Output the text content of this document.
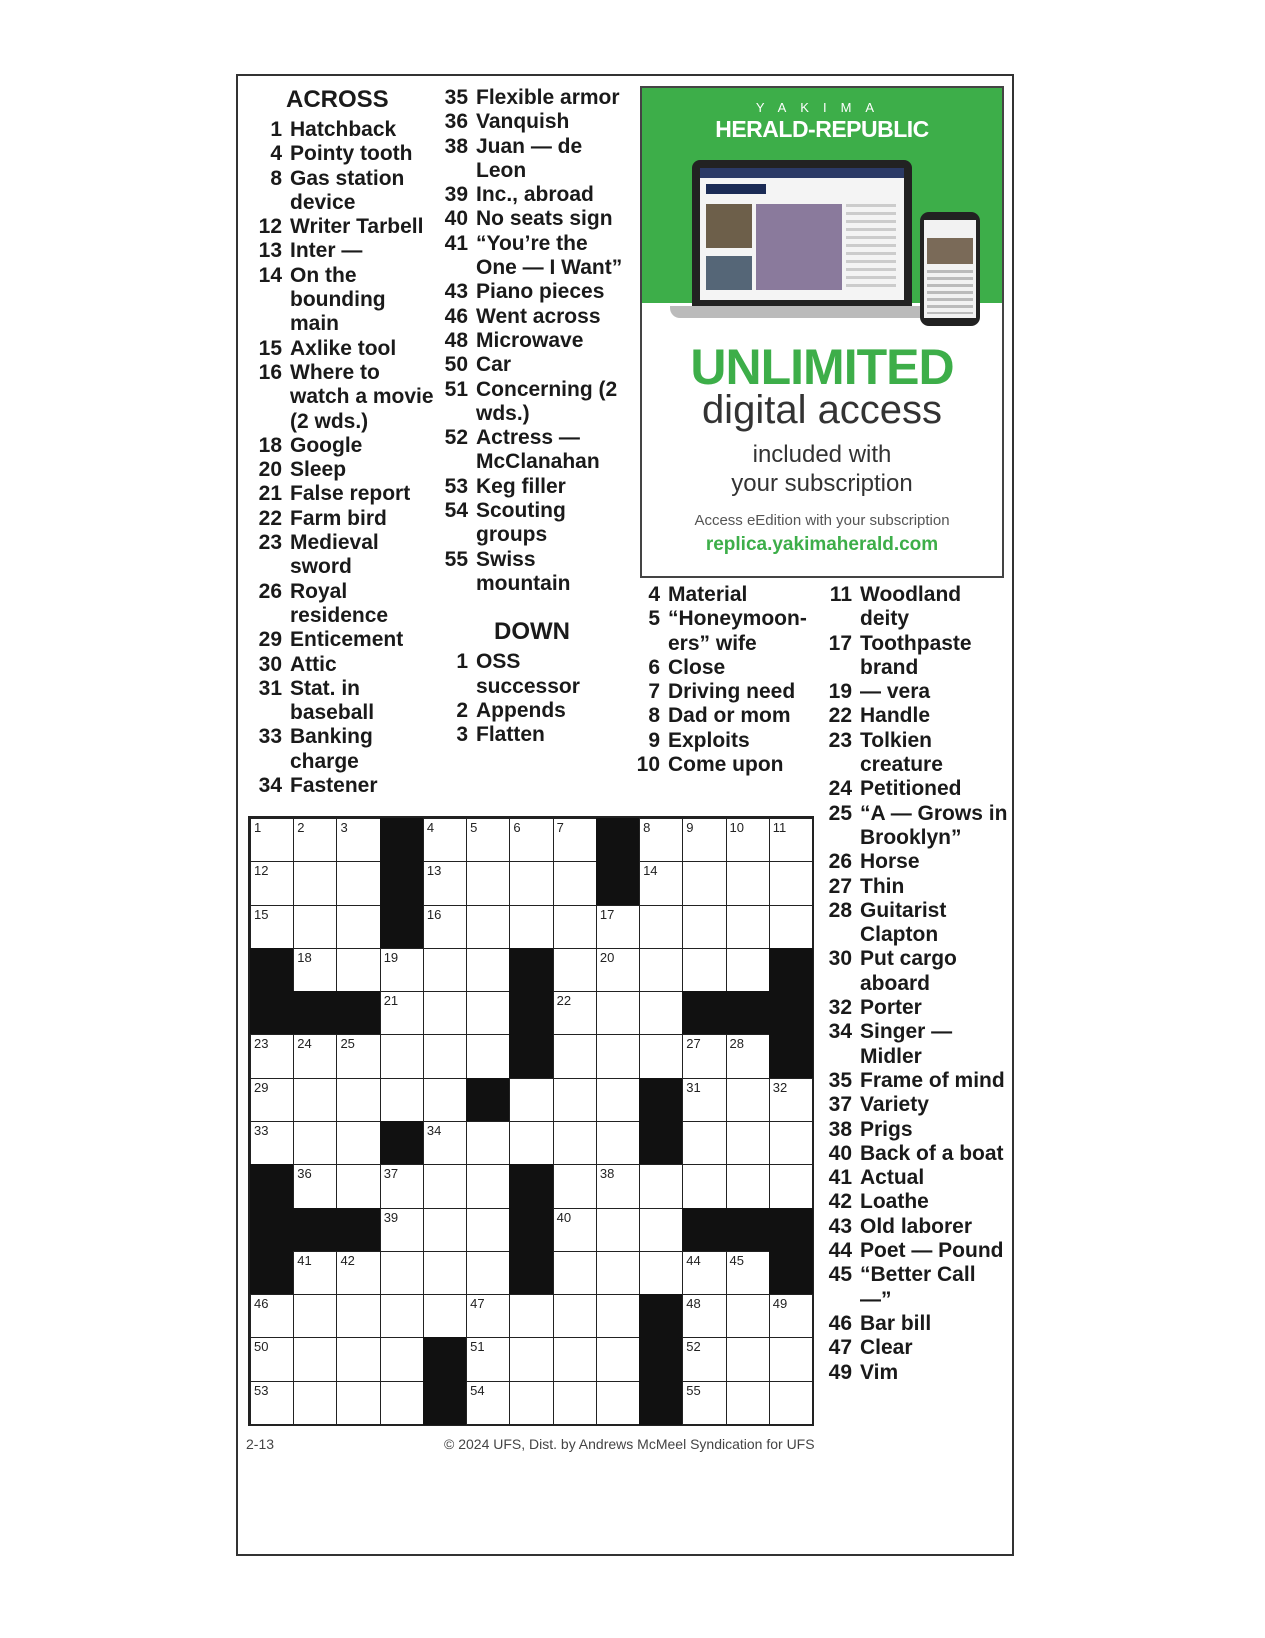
ACROSS
1 Hatchback
4 Pointy tooth
8 Gas station device
12 Writer Tarbell
13 Inter —
14 On the bounding main
15 Axlike tool
16 Where to watch a movie (2 wds.)
18 Google
20 Sleep
21 False report
22 Farm bird
23 Medieval sword
26 Royal residence
29 Enticement
30 Attic
31 Stat. in baseball
33 Banking charge
34 Fastener
35 Flexible armor
36 Vanquish
38 Juan — de Leon
39 Inc., abroad
40 No seats sign
41 “You’re the One — I Want”
43 Piano pieces
46 Went across
48 Microwave
50 Car
51 Concerning (2 wds.)
52 Actress — McClanahan
53 Keg filler
54 Scouting groups
55 Swiss mountain
DOWN
1 OSS successor
2 Appends
3 Flatten
4 Material
5 “Honeymoon-ers” wife
6 Close
7 Driving need
8 Dad or mom
9 Exploits
10 Come upon
11 Woodland deity
17 Toothpaste brand
19 — vera
22 Handle
23 Tolkien creature
24 Petitioned
25 “A — Grows in Brooklyn”
26 Horse
27 Thin
28 Guitarist Clapton
30 Put cargo aboard
32 Porter
34 Singer — Midler
35 Frame of mind
37 Variety
38 Prigs
40 Back of a boat
41 Actual
42 Loathe
43 Old laborer
44 Poet — Pound
45 “Better Call —”
46 Bar bill
47 Clear
49 Vim
YAKIMA
HERALD-REPUBLIC
UNLIMITED
digital access
included with
your subscription
Access eEdition with your subscription
replica.yakimaherald.com
1	2	3	4	5	6	7	8	9	10 11
12	13	14
15	16	17
18	19	20
21	22
23 24 25	27 28
29	31	32
33	34
36	37	38
39	40
41 42	44 45
46	47	48	49
50	51	52
53	54	55
2-13	© 2024 UFS, Dist. by Andrews McMeel Syndication for UFS
